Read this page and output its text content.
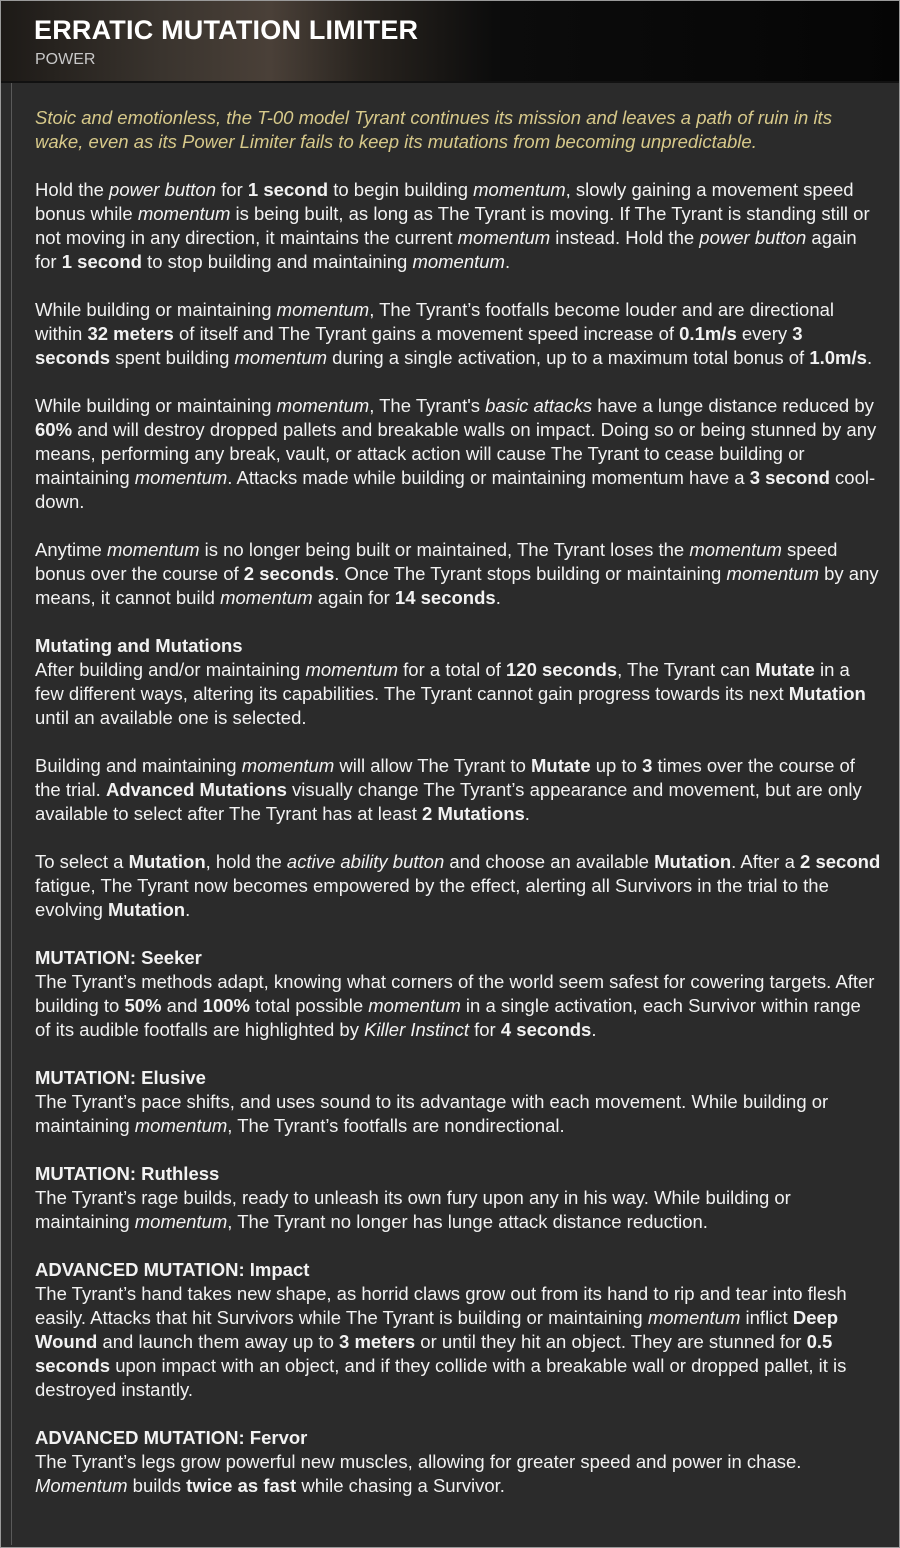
ERRATIC MUTATION LIMITER
POWER

Stoic and emotionless, the T-00 model Tyrant continues its mission and leaves a path of ruin in its wake, even as its Power Limiter fails to keep its mutations from becoming unpredictable.

Hold the power button for 1 second to begin building momentum, slowly gaining a movement speed bonus while momentum is being built, as long as The Tyrant is moving. If The Tyrant is standing still or not moving in any direction, it maintains the current momentum instead. Hold the power button again for 1 second to stop building and maintaining momentum.

While building or maintaining momentum, The Tyrant’s footfalls become louder and are directional within 32 meters of itself and The Tyrant gains a movement speed increase of 0.1m/s every 3 seconds spent building momentum during a single activation, up to a maximum total bonus of 1.0m/s.

While building or maintaining momentum, The Tyrant's basic attacks have a lunge distance reduced by 60% and will destroy dropped pallets and breakable walls on impact. Doing so or being stunned by any means, performing any break, vault, or attack action will cause The Tyrant to cease building or maintaining momentum. Attacks made while building or maintaining momentum have a 3 second cool-down.

Anytime momentum is no longer being built or maintained, The Tyrant loses the momentum speed bonus over the course of 2 seconds. Once The Tyrant stops building or maintaining momentum by any means, it cannot build momentum again for 14 seconds.

Mutating and Mutations
After building and/or maintaining momentum for a total of 120 seconds, The Tyrant can Mutate in a few different ways, altering its capabilities. The Tyrant cannot gain progress towards its next Mutation until an available one is selected.

Building and maintaining momentum will allow The Tyrant to Mutate up to 3 times over the course of the trial. Advanced Mutations visually change The Tyrant’s appearance and movement, but are only available to select after The Tyrant has at least 2 Mutations.

To select a Mutation, hold the active ability button and choose an available Mutation. After a 2 second fatigue, The Tyrant now becomes empowered by the effect, alerting all Survivors in the trial to the evolving Mutation.

MUTATION: Seeker
The Tyrant’s methods adapt, knowing what corners of the world seem safest for cowering targets. After building to 50% and 100% total possible momentum in a single activation, each Survivor within range of its audible footfalls are highlighted by Killer Instinct for 4 seconds.

MUTATION: Elusive
The Tyrant’s pace shifts, and uses sound to its advantage with each movement. While building or maintaining momentum, The Tyrant’s footfalls are nondirectional.

MUTATION: Ruthless
The Tyrant’s rage builds, ready to unleash its own fury upon any in his way. While building or maintaining momentum, The Tyrant no longer has lunge attack distance reduction.

ADVANCED MUTATION: Impact
The Tyrant’s hand takes new shape, as horrid claws grow out from its hand to rip and tear into flesh easily. Attacks that hit Survivors while The Tyrant is building or maintaining momentum inflict Deep Wound and launch them away up to 3 meters or until they hit an object. They are stunned for 0.5 seconds upon impact with an object, and if they collide with a breakable wall or dropped pallet, it is destroyed instantly.

ADVANCED MUTATION: Fervor
The Tyrant’s legs grow powerful new muscles, allowing for greater speed and power in chase. Momentum builds twice as fast while chasing a Survivor.
